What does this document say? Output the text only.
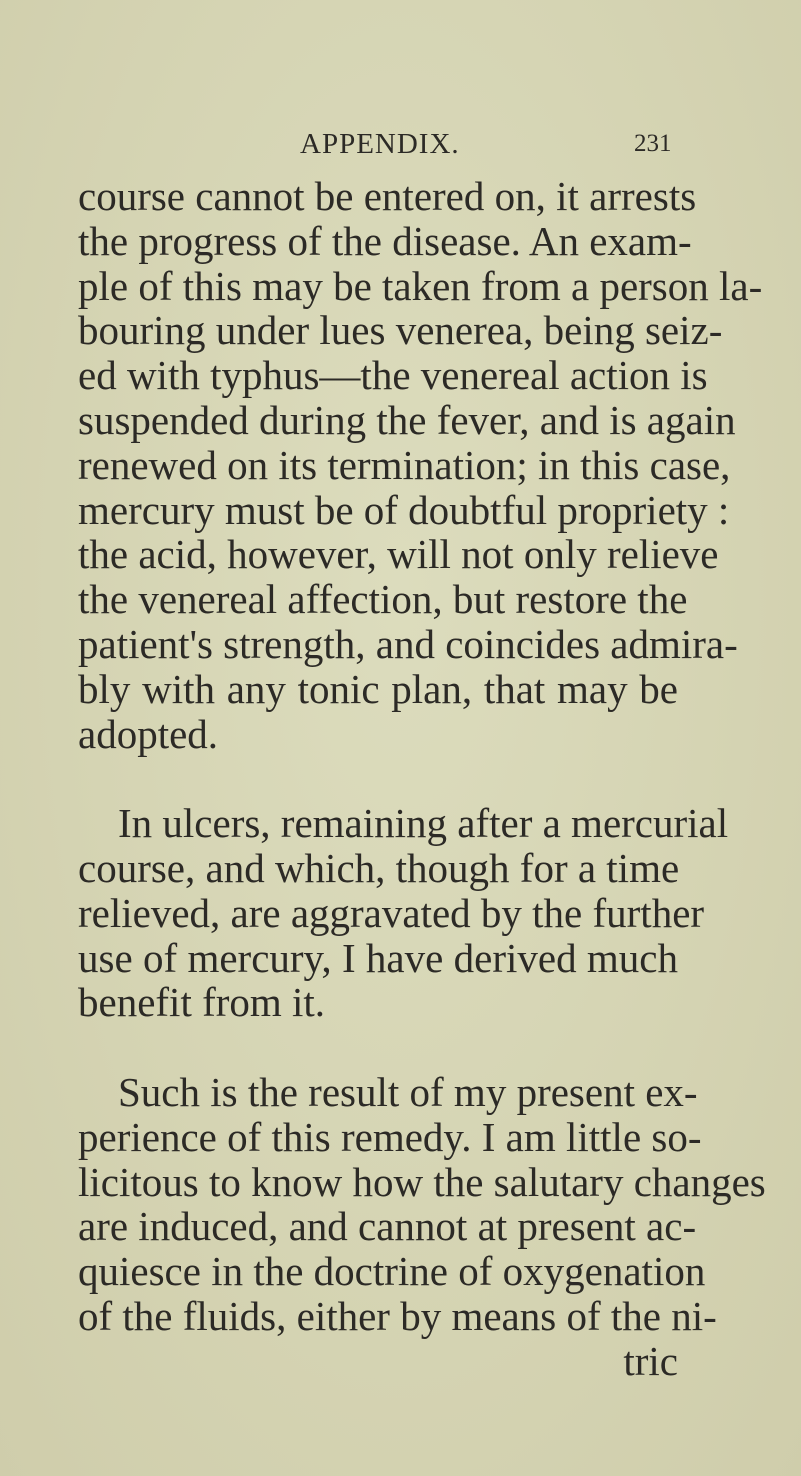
APPENDIX.	231
course cannot be entered on, it arrests
the progress of the disease. An exam-
ple of this may be taken from a person la-
bouring under lues venerea, being seiz-
ed with typhus—the venereal action is
suspended during the fever, and is again
renewed on its termination; in this case,
mercury must be of doubtful propriety :
the acid, however, will not only relieve
the venereal affection, but restore the
patient's strength, and coincides admira-
bly with any tonic plan, that may be
adopted.
In ulcers, remaining after a mercurial
course, and which, though for a time
relieved, are aggravated by the further
use of mercury, I have derived much
benefit from it.
Such is the result of my present ex-
perience of this remedy. I am little so-
licitous to know how the salutary changes
are induced, and cannot at present ac-
quiesce in the doctrine of oxygenation
of the fluids, either by means of the ni-
tric
